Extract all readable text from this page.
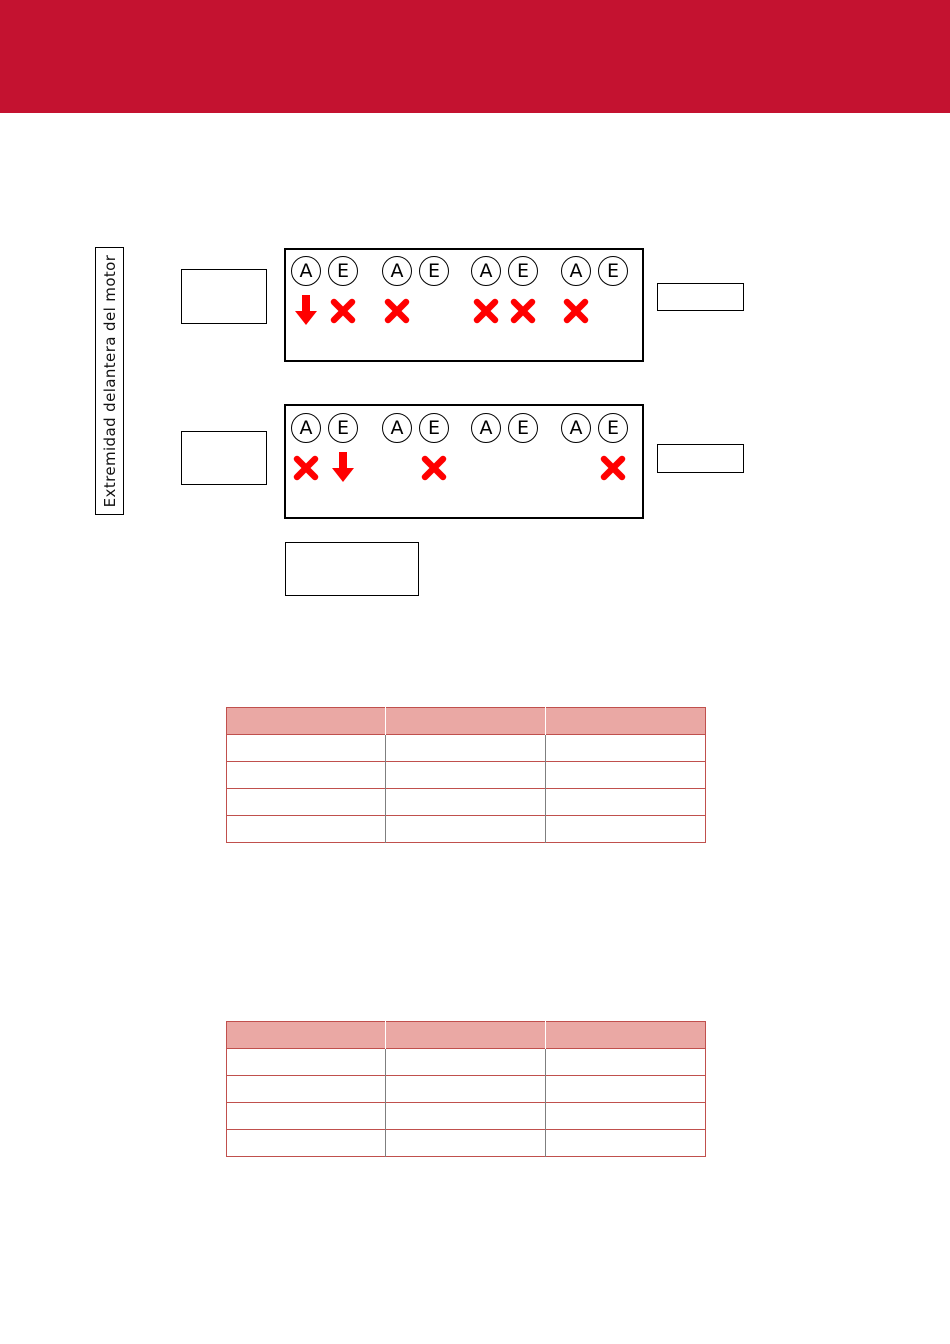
Extremidad delantera del motor

			A	E	A	E	A	E	A	E
A	E	A	E	A	E	A	E
